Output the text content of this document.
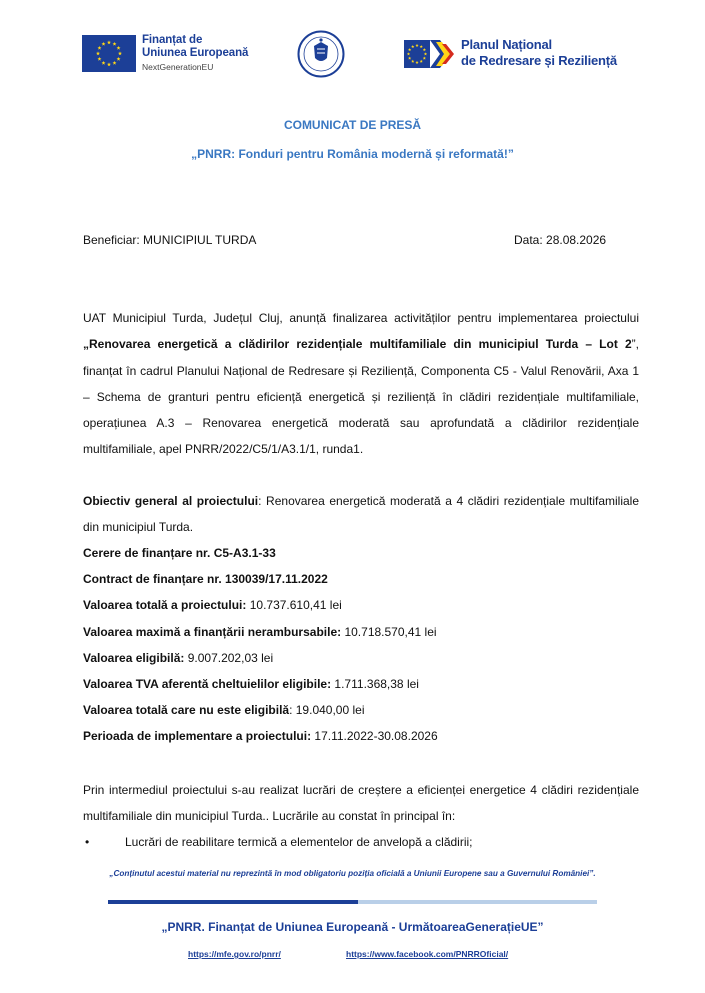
Finanțat de
Uniunea Europeană
NextGenerationEU
Planul Național
de Redresare și Reziliență
COMUNICAT DE PRESĂ
„PNRR: Fonduri pentru România modernă și reformată!”
Beneficiar: MUNICIPIUL TURDA	Data: 28.08.2026
UAT Municipiul Turda, Județul Cluj, anunță finalizarea activităților pentru implementarea proiectului „Renovarea energetică a clădirilor rezidențiale multifamiliale din municipiul Turda – Lot 2”, finanțat în cadrul Planului Național de Redresare și Reziliență, Componenta C5 - Valul Renovării, Axa 1 – Schema de granturi pentru eficiență energetică și reziliență în clădiri rezidențiale multifamiliale, operațiunea A.3 – Renovarea energetică moderată sau aprofundată a clădirilor rezidențiale multifamiliale, apel PNRR/2022/C5/1/A3.1/1, runda1.
Obiectiv general al proiectului: Renovarea energetică moderată a 4 clădiri rezidențiale multifamiliale din municipiul Turda.
Cerere de finanțare nr. C5-A3.1-33
Contract de finanțare nr. 130039/17.11.2022
Valoarea totală a proiectului: 10.737.610,41 lei
Valoarea maximă a finanțării nerambursabile: 10.718.570,41 lei
Valoarea eligibilă: 9.007.202,03 lei
Valoarea TVA aferentă cheltuielilor eligibile: 1.711.368,38 lei
Valoarea totală care nu este eligibilă: 19.040,00 lei
Perioada de implementare a proiectului: 17.11.2022-30.08.2026
Prin intermediul proiectului s-au realizat lucrări de creștere a eficienței energetice 4 clădiri rezidențiale multifamiliale din municipiul Turda.. Lucrările au constat în principal în:
•	Lucrări de reabilitare termică a elementelor de anvelopă a clădirii;
„Conținutul acestui material nu reprezintă în mod obligatoriu poziția oficială a Uniunii Europene sau a Guvernului României”.
„PNRR. Finanțat de Uniunea Europeană - UrmătoareaGenerațieUE”
https://mfe.gov.ro/pnrr/	https://www.facebook.com/PNRROficial/
